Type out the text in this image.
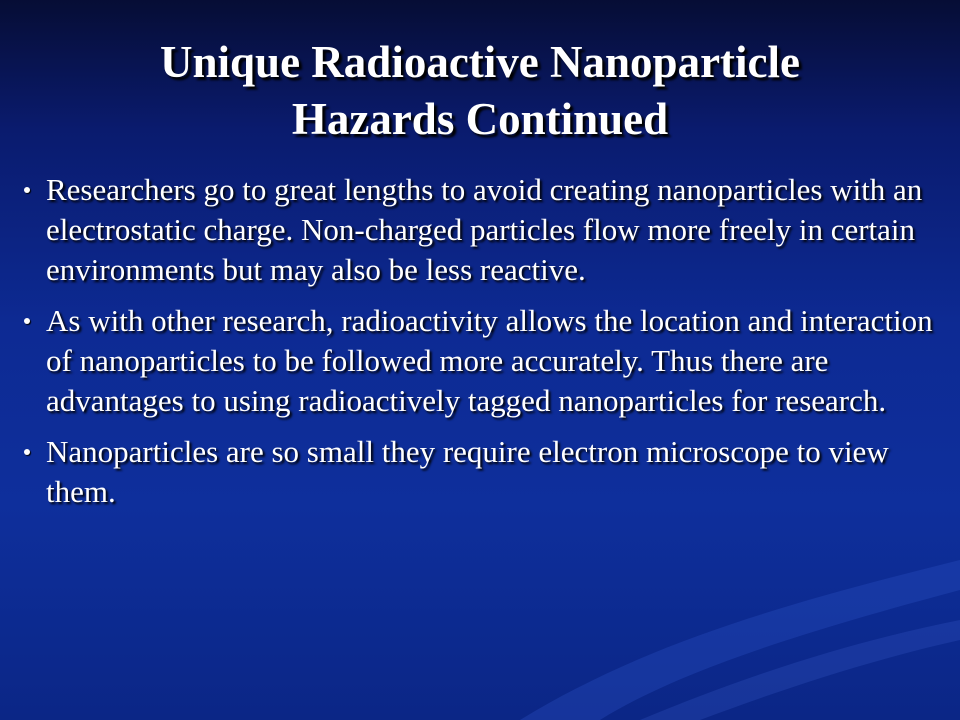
Unique Radioactive Nanoparticle
Hazards Continued
Researchers go to great lengths to avoid creating nanoparticles with an electrostatic charge. Non-charged particles flow more freely in certain environments but may also be less reactive.
As with other research, radioactivity allows the location and interaction of nanoparticles to be followed more accurately. Thus there are advantages to using radioactively tagged nanoparticles for research.
Nanoparticles are so small they require electron microscope to view them.
